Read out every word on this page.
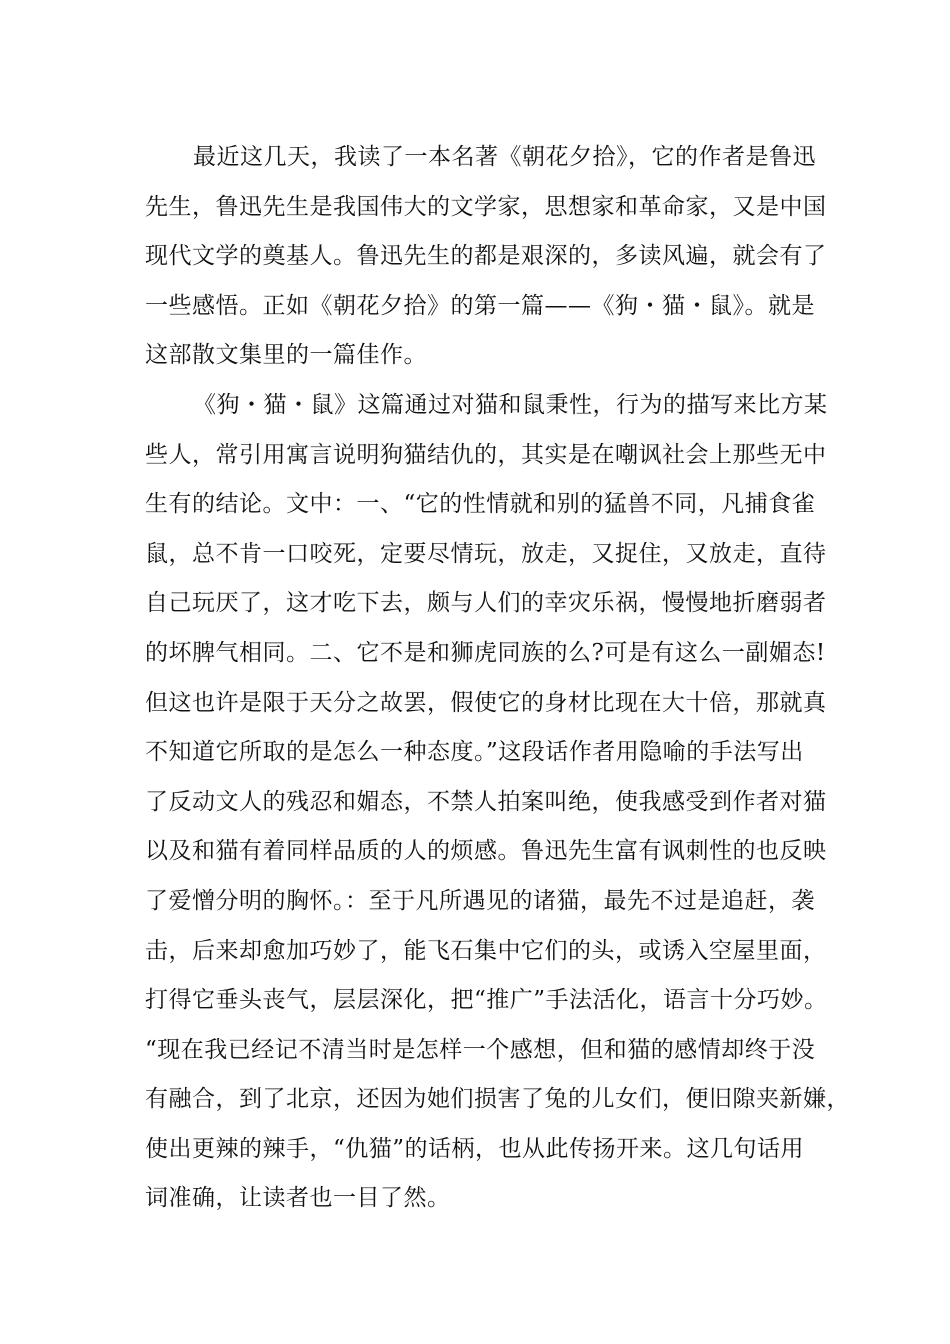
最近这几天，我读了一本名著《朝花夕拾》，它的作者是鲁迅
先生，鲁迅先生是我国伟大的文学家，思想家和革命家，又是中国
现代文学的奠基人。鲁迅先生的都是艰深的，多读风遍，就会有了
一些感悟。正如《朝花夕拾》的第一篇——《狗・猫・鼠》。就是
这部散文集里的一篇佳作。
《狗・猫・鼠》这篇通过对猫和鼠秉性，行为的描写来比方某
些人，常引用寓言说明狗猫结仇的，其实是在嘲讽社会上那些无中
生有的结论。文中：一、“它的性情就和别的猛兽不同，凡捕食雀
鼠，总不肯一口咬死，定要尽情玩，放走，又捉住，又放走，直待
自己玩厌了，这才吃下去，颇与人们的幸灾乐祸，慢慢地折磨弱者
的坏脾气相同。二、它不是和狮虎同族的么?可是有这么一副媚态!
但这也许是限于天分之故罢，假使它的身材比现在大十倍，那就真
不知道它所取的是怎么一种态度。”这段话作者用隐喻的手法写出
了反动文人的残忍和媚态，不禁人拍案叫绝，使我感受到作者对猫
以及和猫有着同样品质的人的烦感。鲁迅先生富有讽刺性的也反映
了爱憎分明的胸怀。：至于凡所遇见的诸猫，最先不过是追赶，袭
击，后来却愈加巧妙了，能飞石集中它们的头，或诱入空屋里面，
打得它垂头丧气，层层深化，把“推广”手法活化，语言十分巧妙。
“现在我已经记不清当时是怎样一个感想，但和猫的感情却终于没
有融合，到了北京，还因为她们损害了兔的儿女们，便旧隙夹新嫌，
使出更辣的辣手，“仇猫”的话柄，也从此传扬开来。这几句话用
词准确，让读者也一目了然。
